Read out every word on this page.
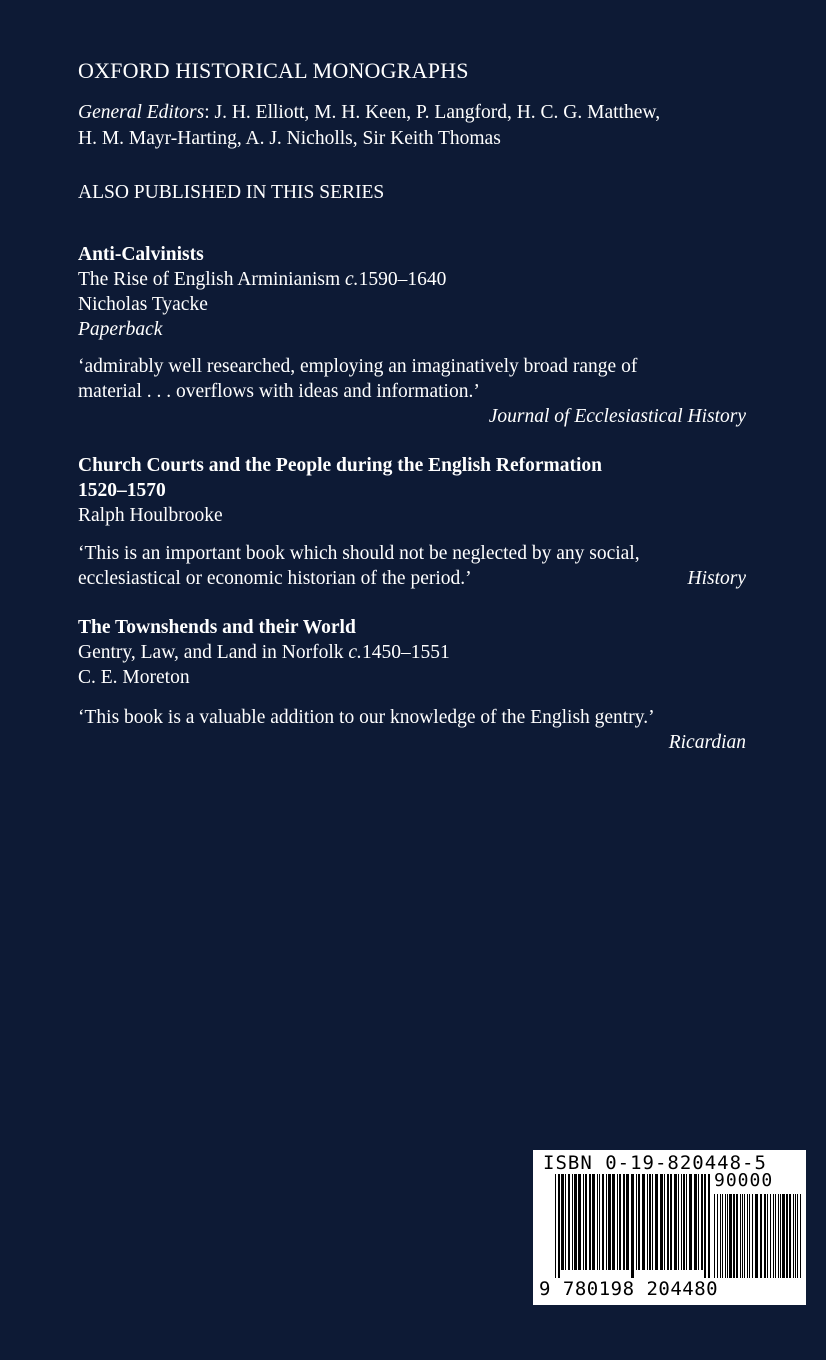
OXFORD HISTORICAL MONOGRAPHS
General Editors: J. H. Elliott, M. H. Keen, P. Langford, H. C. G. Matthew,
H. M. Mayr-Harting, A. J. Nicholls, Sir Keith Thomas
ALSO PUBLISHED IN THIS SERIES
Anti-Calvinists
The Rise of English Arminianism c.1590–1640
Nicholas Tyacke
Paperback
‘admirably well researched, employing an imaginatively broad range of
material . . . overflows with ideas and information.’
Journal of Ecclesiastical History
Church Courts and the People during the English Reformation
1520–1570
Ralph Houlbrooke
‘This is an important book which should not be neglected by any social,
ecclesiastical or economic historian of the period.’	History
The Townshends and their World
Gentry, Law, and Land in Norfolk c.1450–1551
C. E. Moreton
‘This book is a valuable addition to our knowledge of the English gentry.’
Ricardian
ISBN 0-19-820448-5
90000
9 780198 204480
